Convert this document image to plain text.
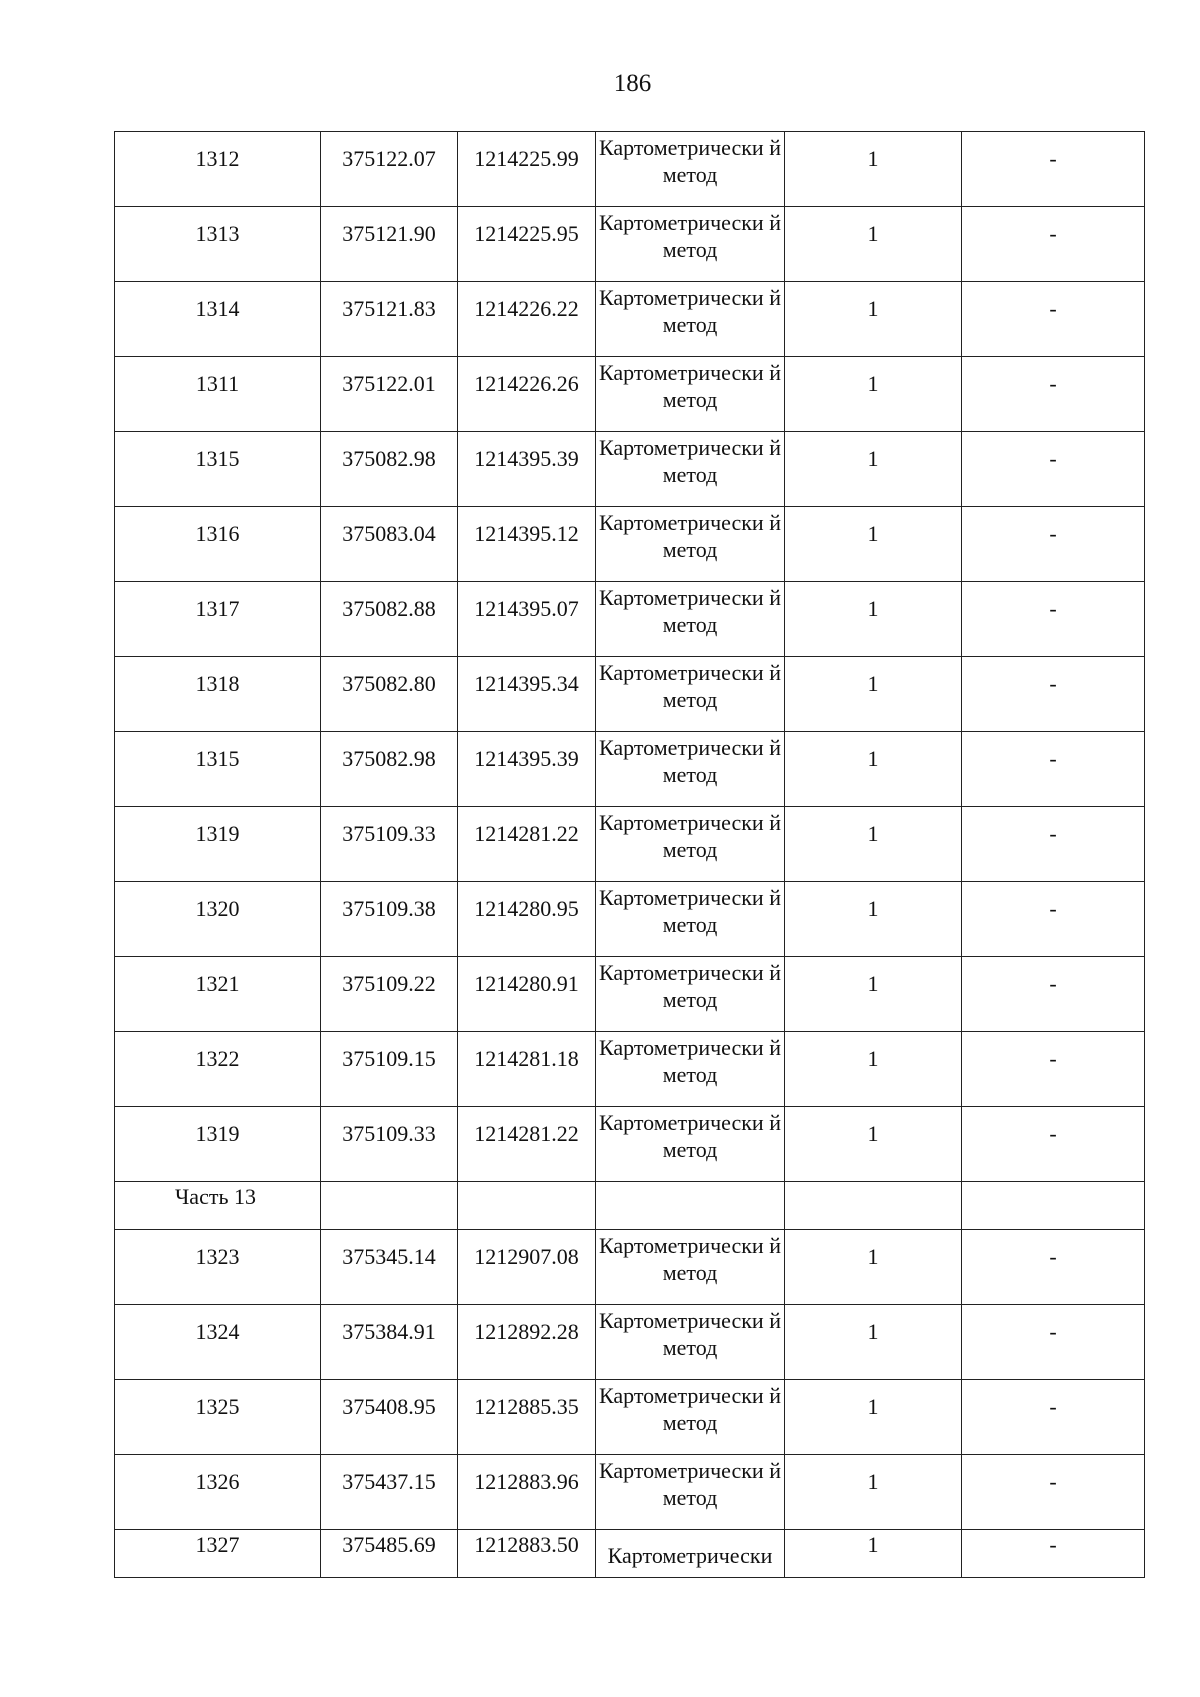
186
1312	375122.07	1214225.99	Картометрически й метод	1	-

1313	375121.90	1214225.95	Картометрически й метод	1	-

1314	375121.83	1214226.22	Картометрически й метод	1	-

1311	375122.01	1214226.26	Картометрически й метод	1	-

1315	375082.98	1214395.39	Картометрически й метод	1	-

1316	375083.04	1214395.12	Картометрически й метод	1	-

1317	375082.88	1214395.07	Картометрически й метод	1	-

1318	375082.80	1214395.34	Картометрически й метод	1	-

1315	375082.98	1214395.39	Картометрически й метод	1	-

1319	375109.33	1214281.22	Картометрически й метод	1	-

1320	375109.38	1214280.95	Картометрически й метод	1	-

1321	375109.22	1214280.91	Картометрически й метод	1	-

1322	375109.15	1214281.18	Картометрически й метод	1	-

1319	375109.33	1214281.22	Картометрически й метод	1	-

Часть 13					

1323	375345.14	1212907.08	Картометрически й метод	1	-

1324	375384.91	1212892.28	Картометрически й метод	1	-

1325	375408.95	1212885.35	Картометрически й метод	1	-

1326	375437.15	1212883.96	Картометрически й метод	1	-

1327	375485.69	1212883.50	Картометрически	1	-
